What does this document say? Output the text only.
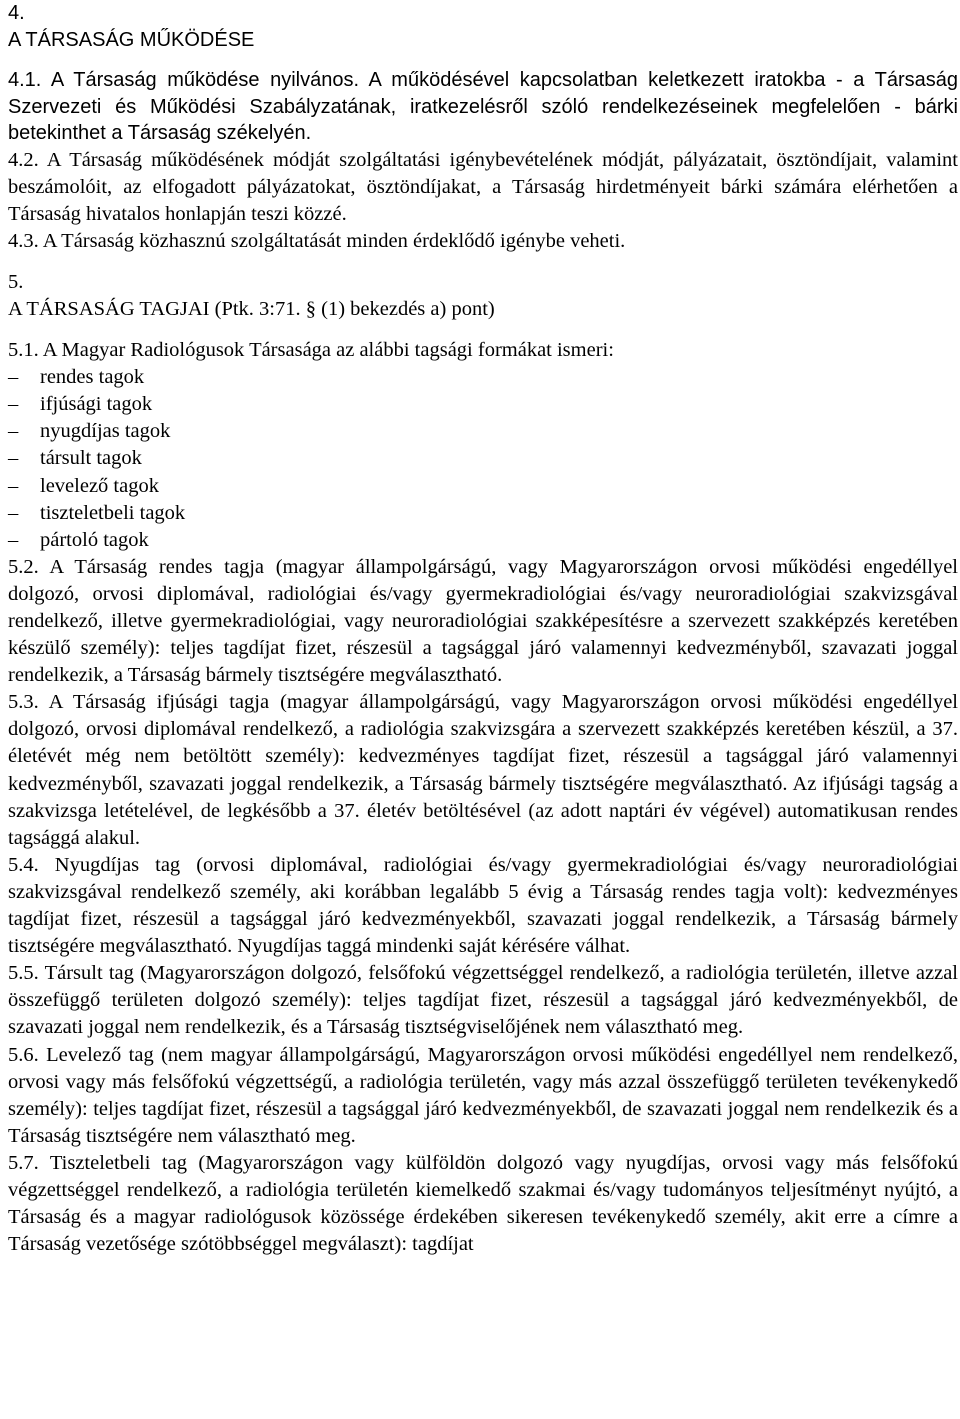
4.
A TÁRSASÁG MŰKÖDÉSE

4.1. A Társaság működése nyilvános. A működésével kapcsolatban keletkezett iratokba - a Társaság Szervezeti és Működési Szabályzatának, iratkezelésről szóló rendelkezéseinek megfelelően - bárki betekinthet a Társaság székelyén.

4.2. A Társaság működésének módját szolgáltatási igénybevételének módját, pályázatait, ösztöndíjait, valamint beszámolóit, az elfogadott pályázatokat, ösztöndíjakat, a Társaság hirdetményeit bárki számára elérhetően a Társaság hivatalos honlapján teszi közzé.

4.3. A Társaság közhasznú szolgáltatását minden érdeklődő igénybe veheti.

5.
A TÁRSASÁG TAGJAI (Ptk. 3:71. § (1) bekezdés a) pont)

5.1. A Magyar Radiológusok Társasága az alábbi tagsági formákat ismeri:

–	rendes tagok
–	ifjúsági tagok
–	nyugdíjas tagok
–	társult tagok
–	levelező tagok
–	tiszteletbeli tagok
–	pártoló tagok

5.2. A Társaság rendes tagja (magyar állampolgárságú, vagy Magyarországon orvosi működési engedéllyel dolgozó, orvosi diplomával, radiológiai és/vagy gyermekradiológiai és/vagy neuroradiológiai szakvizsgával rendelkező, illetve gyermekradiológiai, vagy neuroradiológiai szakképesítésre a szervezett szakképzés keretében készülő személy): teljes tagdíjat fizet, részesül a tagsággal járó valamennyi kedvezményből, szavazati joggal rendelkezik, a Társaság bármely tisztségére megválasztható.

5.3. A Társaság ifjúsági tagja (magyar állampolgárságú, vagy Magyarországon orvosi működési engedéllyel dolgozó, orvosi diplomával rendelkező, a radiológia szakvizsgára a szervezett szakképzés keretében készül, a 37. életévét még nem betöltött személy): kedvezményes tagdíjat fizet, részesül a tagsággal járó valamennyi kedvezményből, szavazati joggal rendelkezik, a Társaság bármely tisztségére megválasztható. Az ifjúsági tagság a szakvizsga letételével, de legkésőbb a 37. életév betöltésével (az adott naptári év végével) automatikusan rendes tagsággá alakul.

5.4. Nyugdíjas tag (orvosi diplomával, radiológiai és/vagy gyermekradiológiai és/vagy neuroradiológiai szakvizsgával rendelkező személy, aki korábban legalább 5 évig a Társaság rendes tagja volt): kedvezményes tagdíjat fizet, részesül a tagsággal járó kedvezményekből, szavazati joggal rendelkezik, a Társaság bármely tisztségére megválasztható. Nyugdíjas taggá mindenki saját kérésére válhat.

5.5. Társult tag (Magyarországon dolgozó, felsőfokú végzettséggel rendelkező, a radiológia területén, illetve azzal összefüggő területen dolgozó személy): teljes tagdíjat fizet, részesül a tagsággal járó kedvezményekből, de szavazati joggal nem rendelkezik, és a Társaság tisztségviselőjének nem választható meg.

5.6. Levelező tag (nem magyar állampolgárságú, Magyarországon orvosi működési engedéllyel nem rendelkező, orvosi vagy más felsőfokú végzettségű, a radiológia területén, vagy más azzal összefüggő területen tevékenykedő személy): teljes tagdíjat fizet, részesül a tagsággal járó kedvezményekből, de szavazati joggal nem rendelkezik és a Társaság tisztségére nem választható meg.

5.7. Tiszteletbeli tag (Magyarországon vagy külföldön dolgozó vagy nyugdíjas, orvosi vagy más felsőfokú végzettséggel rendelkező, a radiológia területén kiemelkedő szakmai és/vagy tudományos teljesítményt nyújtó, a Társaság és a magyar radiológusok közössége érdekében sikeresen tevékenykedő személy, akit erre a címre a Társaság vezetősége szótöbbséggel megválaszt): tagdíjat
